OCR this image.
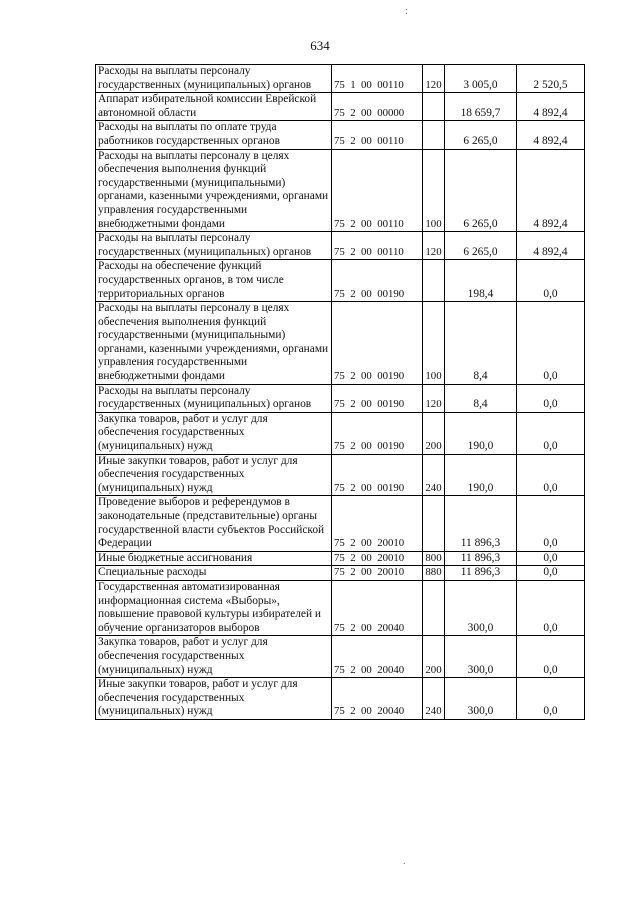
:
634
Расходы на выплаты персоналу государственных (муниципальных) органов	75  1  00  00110	120	3 005,0	2 520,5
Аппарат избирательной комиссии Еврейской автономной области	75  2  00  00000		18 659,7	4 892,4
Расходы на выплаты по оплате труда работников государственных органов	75  2  00  00110		6 265,0	4 892,4
Расходы на выплаты персоналу в целях обеспечения выполнения функций государственными (муниципальными) органами, казенными учреждениями, органами управления государственными внебюджетными фондами	75  2  00  00110	100	6 265,0	4 892,4
Расходы на выплаты персоналу государственных (муниципальных) органов	75  2  00  00110	120	6 265,0	4 892,4
Расходы на обеспечение функций государственных органов, в том числе территориальных органов	75  2  00  00190		198,4	0,0
Расходы на выплаты персоналу в целях обеспечения выполнения функций государственными (муниципальными) органами, казенными учреждениями, органами управления государственными внебюджетными фондами	75  2  00  00190	100	8,4	0,0
Расходы на выплаты персоналу государственных (муниципальных) органов	75  2  00  00190	120	8,4	0,0
Закупка товаров, работ и услуг для обеспечения государственных (муниципальных) нужд	75  2  00  00190	200	190,0	0,0
Иные закупки товаров, работ и услуг для обеспечения государственных (муниципальных) нужд	75  2  00  00190	240	190,0	0,0
Проведение выборов и референдумов в законодательные (представительные) органы государственной власти субъектов Российской Федерации	75  2  00  20010		11 896,3	0,0
Иные бюджетные ассигнования	75  2  00  20010	800	11 896,3	0,0
Специальные расходы	75  2  00  20010	880	11 896,3	0,0
Государственная автоматизированная информационная система «Выборы», повышение правовой культуры избирателей и обучение организаторов выборов	75  2  00  20040		300,0	0,0
Закупка товаров, работ и услуг для обеспечения государственных (муниципальных) нужд	75  2  00  20040	200	300,0	0,0
Иные закупки товаров, работ и услуг для обеспечения государственных (муниципальных) нужд	75  2  00  20040	240	300,0	0,0
.
